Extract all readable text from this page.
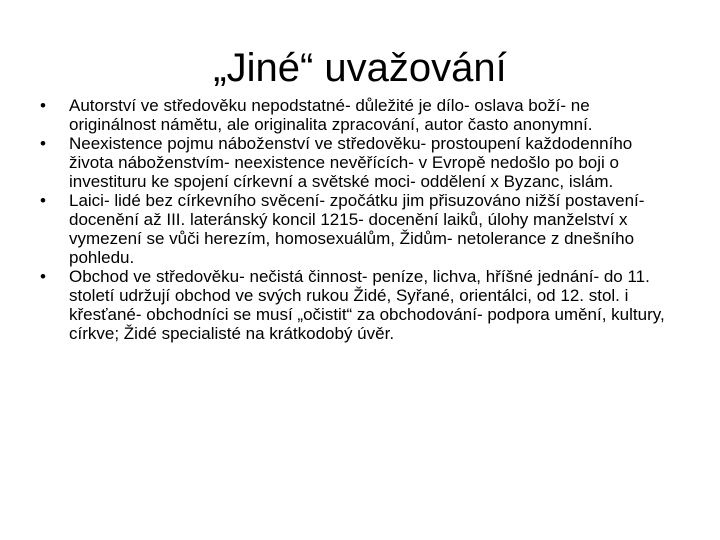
„Jiné“ uvažování
•	Autorství ve středověku nepodstatné- důležité je dílo- oslava boží- ne originálnost námětu, ale originalita zpracování, autor často anonymní.
•	Neexistence pojmu náboženství ve středověku- prostoupení každodenního života náboženstvím- neexistence nevěřících- v Evropě nedošlo po boji o investituru ke spojení církevní a světské moci- oddělení x Byzanc, islám.
•	Laici- lidé bez církevního svěcení- zpočátku jim přisuzováno nižší postavení- docenění až III. lateránský koncil 1215- docenění laiků, úlohy manželství x vymezení se vůči herezím, homosexuálům, Židům- netolerance z dnešního pohledu.
•	Obchod ve středověku- nečistá činnost- peníze, lichva, hříšné jednání- do 11. století udržují obchod ve svých rukou Židé, Syřané, orientálci, od 12. stol. i křesťané- obchodníci se musí „očistit“ za obchodování- podpora umění, kultury, církve; Židé specialisté na krátkodobý úvěr.
